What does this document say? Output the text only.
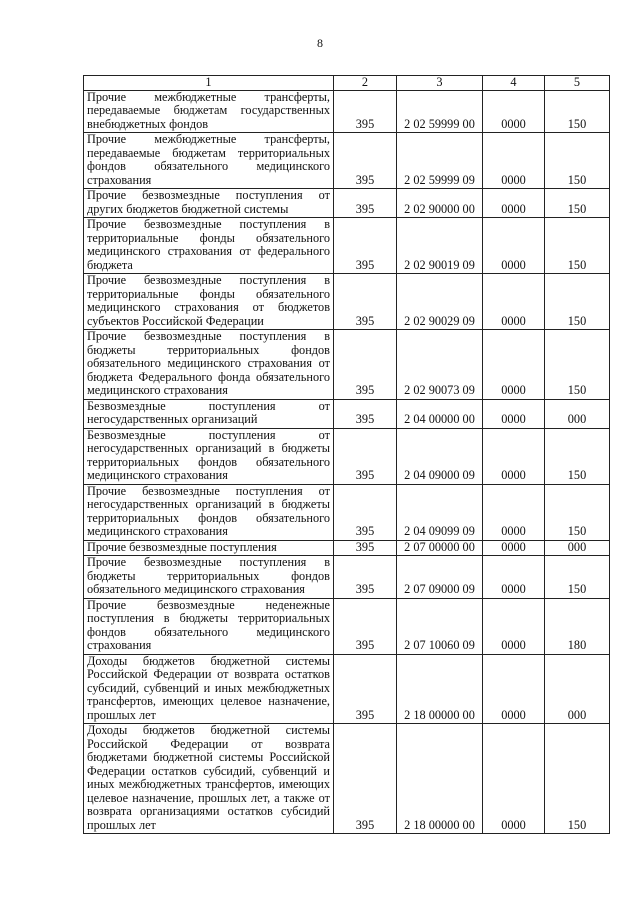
8
1	2	3	4	5
Прочие межбюджетные трансферты, передаваемые бюджетам государственных внебюджетных фондов	395	2 02 59999 00	0000	150
Прочие межбюджетные трансферты, передаваемые бюджетам территориальных фондов обязательного медицинского страхования	395	2 02 59999 09	0000	150
Прочие безвозмездные поступления от других бюджетов бюджетной системы	395	2 02 90000 00	0000	150
Прочие безвозмездные поступления в территориальные фонды обязательного медицинского страхования от федерального бюджета	395	2 02 90019 09	0000	150
Прочие безвозмездные поступления в территориальные фонды обязательного медицинского страхования от бюджетов субъектов Российской Федерации	395	2 02 90029 09	0000	150
Прочие безвозмездные поступления в бюджеты территориальных фондов обязательного медицинского страхования от бюджета Федерального фонда обязательного медицинского страхования	395	2 02 90073 09	0000	150
Безвозмездные поступления от негосударственных организаций	395	2 04 00000 00	0000	000
Безвозмездные поступления от негосударственных организаций в бюджеты территориальных фондов обязательного медицинского страхования	395	2 04 09000 09	0000	150
Прочие безвозмездные поступления от негосударственных организаций в бюджеты территориальных фондов обязательного медицинского страхования	395	2 04 09099 09	0000	150
Прочие безвозмездные поступления	395	2 07 00000 00	0000	000
Прочие безвозмездные поступления в бюджеты территориальных фондов обязательного медицинского страхования	395	2 07 09000 09	0000	150
Прочие безвозмездные неденежные поступления в бюджеты территориальных фондов обязательного медицинского страхования	395	2 07 10060 09	0000	180
Доходы бюджетов бюджетной системы Российской Федерации от возврата остатков субсидий, субвенций и иных межбюджетных трансфертов, имеющих целевое назначение, прошлых лет	395	2 18 00000 00	0000	000
Доходы бюджетов бюджетной системы Российской Федерации от возврата бюджетами бюджетной системы Российской Федерации остатков субсидий, субвенций и иных межбюджетных трансфертов, имеющих целевое назначение, прошлых лет, а также от возврата организациями остатков субсидий прошлых лет	395	2 18 00000 00	0000	150
